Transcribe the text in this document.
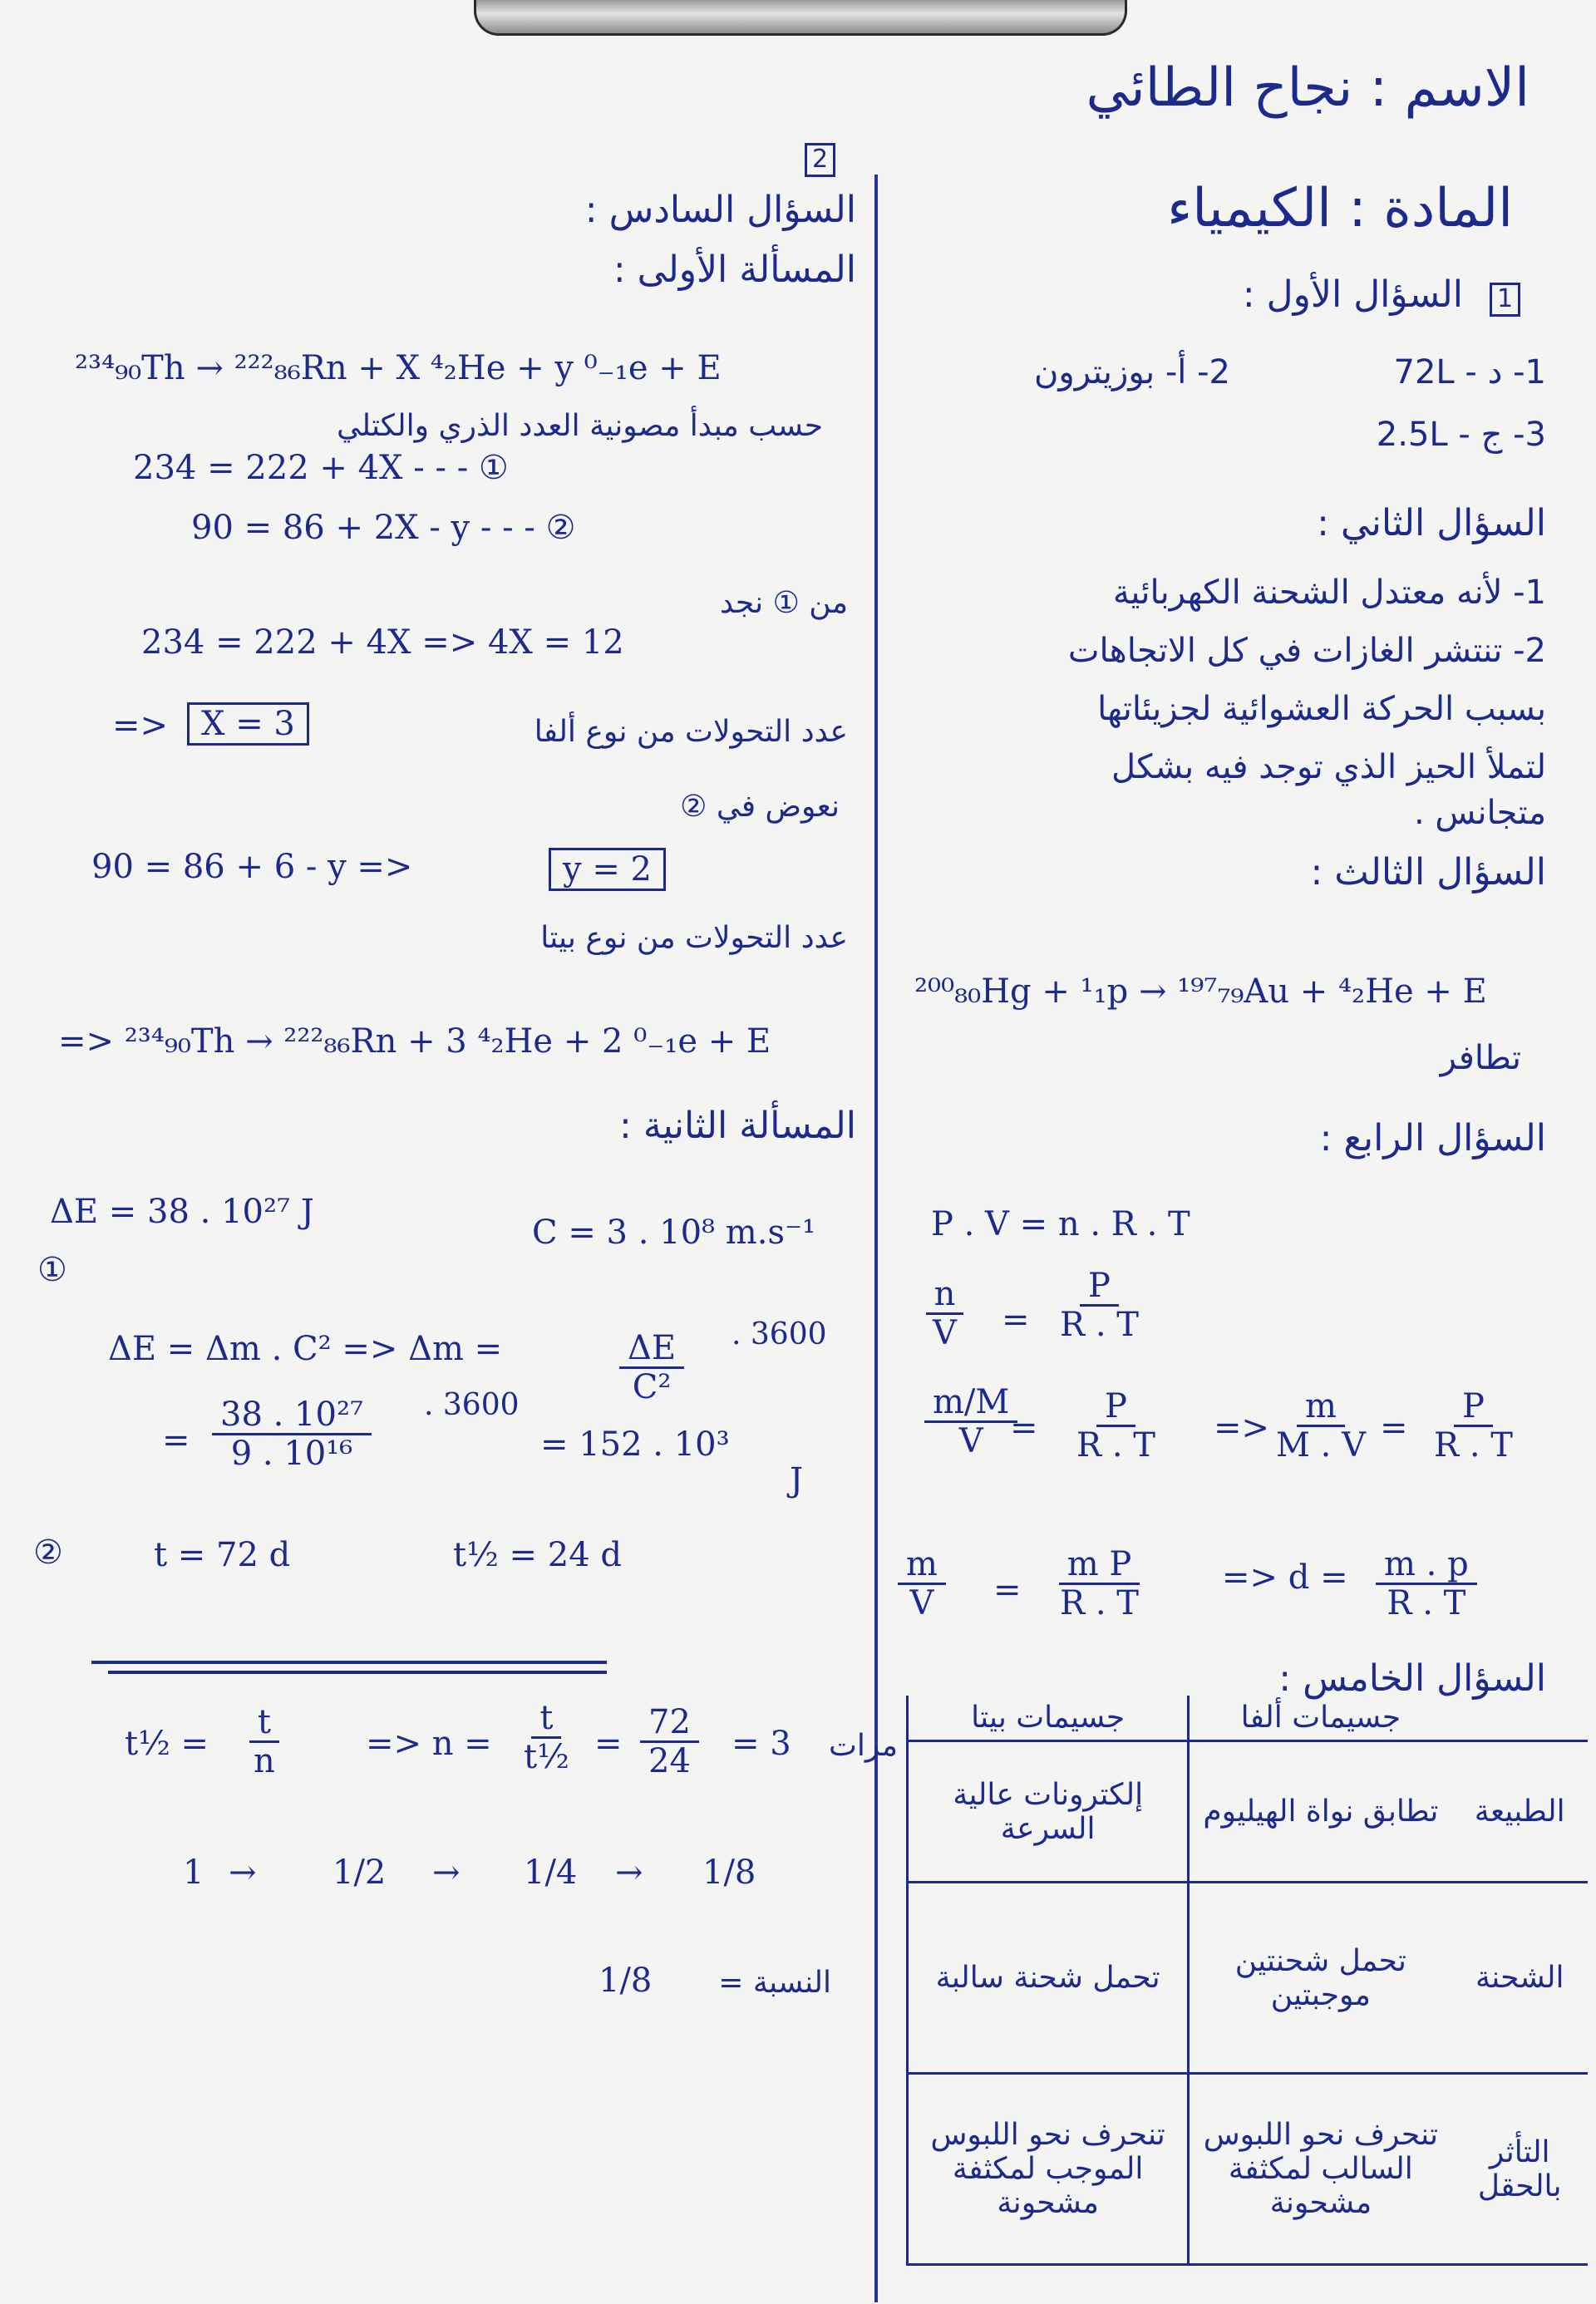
الاسم : نجاح الطائي
المادة : الكيمياء
2
السؤال الأول :	1
1- د - 72L
2- أ- بوزيترون
3- ج - 2.5L
السؤال الثاني :
1- لأنه معتدل الشحنة الكهربائية
2- تنتشر الغازات في كل الاتجاهات
بسبب الحركة العشوائية لجزيئاتها
لتملأ الحيز الذي توجد فيه بشكل
متجانس .
السؤال الثالث :
²⁰⁰₈₀Hg + ¹₁p → ¹⁹⁷₇₉Au + ⁴₂He + E
تطافر
السؤال الرابع :
P . V = n . R . T
$\frac{n}{V} = \frac{P}{R . T}$
$\frac{m/M}{V}$
= $\frac{P}{R . T}$ =>
$\frac{m}{M . V} = \frac{P}{R . T}$
$\frac{m}{V} = \frac{\text{m P}}{R . T} => d = \frac{m . p}{R . T}$
السؤال الخامس :
	جسيمات ألفا	جسيمات بيتا
الطبيعة	تطابق نواة الهيليوم	إلكترونات عالية السرعة
الشحنة	تحمل شحنتين موجبتين	تحمل شحنة سالبة
التأثر بالحقل	تنحرف نحو اللبوس السالب لمكثفة مشحونة	تنحرف نحو اللبوس الموجب لمكثفة مشحونة
السؤال السادس :
المسألة الأولى :
²³⁴₉₀Th → ²²²₈₆Rn + X ⁴₂He + y ⁰₋₁e + E
حسب مبدأ مصونية العدد الذري والكتلي
234 = 222 + 4X - - - ①
90 = 86 + 2X - y - - - ②
من ① نجد
234 = 222 + 4X => 4X = 12
=> X = 3	عدد التحولات من نوع ألفا
نعوض في ②
90 = 86 + 6 - y =>	y = 2
عدد التحولات من نوع بيتا
=> ²³⁴₉₀Th → ²²²₈₆Rn + 3 ⁴₂He + 2 ⁰₋₁e + E
المسألة الثانية :
ΔE = 38 . 10²⁷ J
C = 3 . 10⁸ m.s⁻¹
①
ΔE = Δm . C² => Δm =	$\frac{\Delta E}{\text{C²}}$ . 3600
= $\frac{\text{38 . 10²⁷}}{\text{9 . 10¹⁶}}$ . 3600
= 152 . 10³
J
②	t = 72 d	t½ = 24 d
t½ = $\frac{t}{n} => n = \frac{t}{\text{t½}} = \frac{72}{24} = 3$ مرات
1 → 1/2 → 1/4 → 1/8
النسبة =
1/8
